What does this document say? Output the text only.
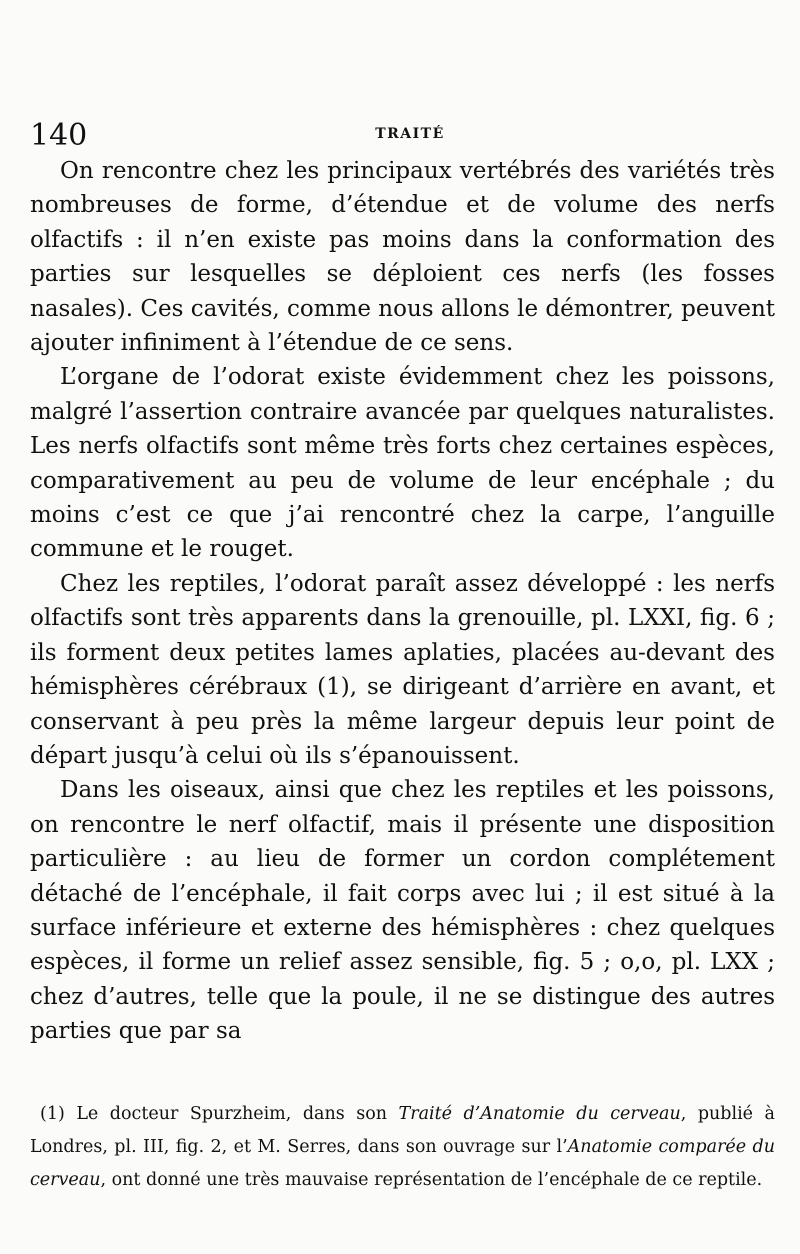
140	TRAITÉ

On rencontre chez les principaux vertébrés des variétés très nombreuses de forme, d’étendue et de volume des nerfs olfactifs : il n’en existe pas moins dans la conformation des parties sur lesquelles se déploient ces nerfs (les fosses nasales). Ces cavités, comme nous allons le démontrer, peuvent ajouter infiniment à l’étendue de ce sens.

L’organe de l’odorat existe évidemment chez les poissons, malgré l’assertion contraire avancée par quelques naturalistes. Les nerfs olfactifs sont même très forts chez certaines espèces, comparativement au peu de volume de leur encéphale ; du moins c’est ce que j’ai rencontré chez la carpe, l’anguille commune et le rouget.

Chez les reptiles, l’odorat paraît assez développé : les nerfs olfactifs sont très apparents dans la grenouille, pl. LXXI, fig. 6 ; ils forment deux petites lames aplaties, placées au-devant des hémisphères cérébraux (1), se dirigeant d’arrière en avant, et conservant à peu près la même largeur depuis leur point de départ jusqu’à celui où ils s’épanouissent.

Dans les oiseaux, ainsi que chez les reptiles et les poissons, on rencontre le nerf olfactif, mais il présente une disposition particulière : au lieu de former un cordon complétement détaché de l’encéphale, il fait corps avec lui ; il est situé à la surface inférieure et externe des hémisphères : chez quelques espèces, il forme un relief assez sensible, fig. 5 ; o,o, pl. LXX ; chez d’autres, telle que la poule, il ne se distingue des autres parties que par sa

(1) Le docteur Spurzheim, dans son Traité d’Anatomie du cerveau, publié à Londres, pl. III, fig. 2, et M. Serres, dans son ouvrage sur l’Anatomie comparée du cerveau, ont donné une très mauvaise représentation de l’encéphale de ce reptile.
